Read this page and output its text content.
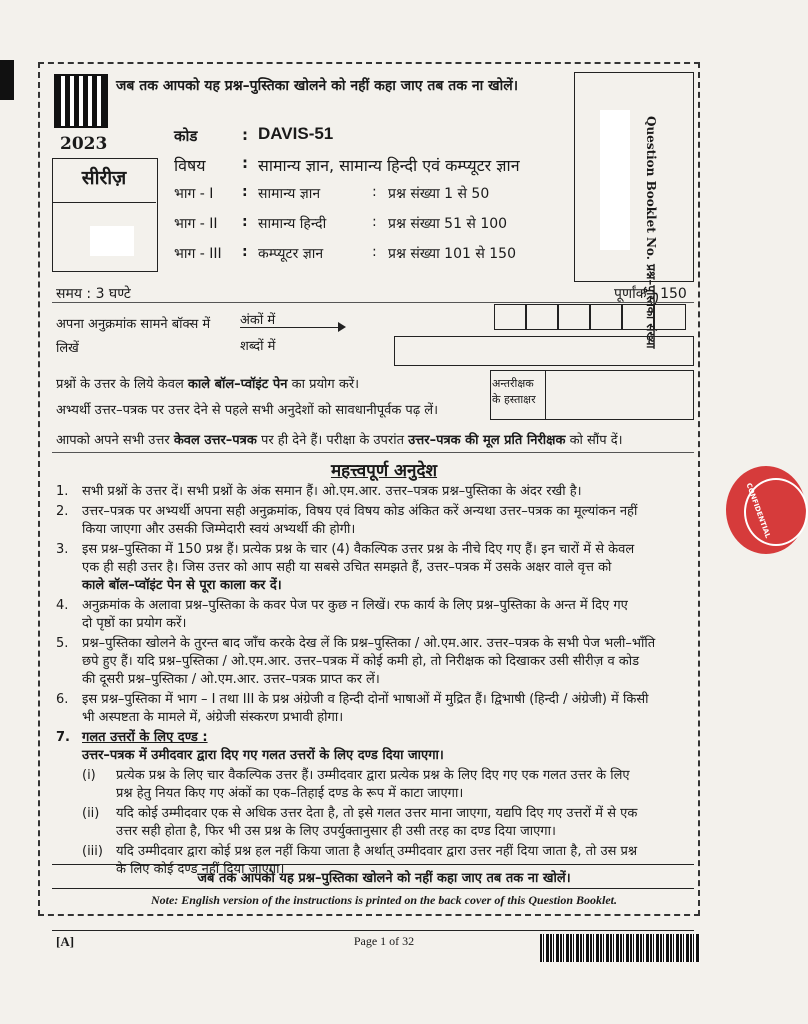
जब तक आपको यह प्रश्न–पुस्तिका खोलने को नहीं कहा जाए तब तक ना खोलें।
2023
सीरीज़
कोड	: DAVIS-51
विषय : सामान्य ज्ञान, सामान्य हिन्दी एवं कम्प्यूटर ज्ञान
भाग - I : सामान्य ज्ञान	: प्रश्न संख्या 1 से 50
भाग - II : सामान्य हिन्दी	: प्रश्न संख्या 51 से 100
भाग - III : कम्प्यूटर ज्ञान	: प्रश्न संख्या 101 से 150	Question Booklet No. प्रश्न–पुस्तिका संख्या
समय : 3 घण्टे	पूर्णांक : 150
अपना अनुक्रमांक सामने बॉक्स में
लिखें
अंकों में
शब्दों में
प्रश्नों के उत्तर के लिये केवल काले बॉल–प्वॉइंट पेन का प्रयोग करें।
अभ्यर्थी उत्तर–पत्रक पर उत्तर देने से पहले सभी अनुदेशों को सावधानीपूर्वक पढ़ लें।
अन्तरीक्षक के हस्ताक्षर
आपको अपने सभी उत्तर केवल उत्तर–पत्रक पर ही देने हैं। परीक्षा के उपरांत उत्तर–पत्रक की मूल प्रति निरीक्षक को सौंप दें।
महत्त्वपूर्ण अनुदेश
1. सभी प्रश्नों के उत्तर दें। सभी प्रश्नों के अंक समान हैं। ओ.एम.आर. उत्तर–पत्रक प्रश्न–पुस्तिका के अंदर रखी है।
2. उत्तर–पत्रक पर अभ्यर्थी अपना सही अनुक्रमांक, विषय एवं विषय कोड अंकित करें अन्यथा उत्तर–पत्रक का मूल्यांकन नहीं
किया जाएगा और उसकी जिम्मेदारी स्वयं अभ्यर्थी की होगी।
3. इस प्रश्न–पुस्तिका में 150 प्रश्न हैं। प्रत्येक प्रश्न के चार (4) वैकल्पिक उत्तर प्रश्न के नीचे दिए गए हैं। इन चारों में से केवल
एक ही सही उत्तर है। जिस उत्तर को आप सही या सबसे उचित समझते हैं, उत्तर–पत्रक में उसके अक्षर वाले वृत्त को
काले बॉल–प्वॉइंट पेन से पूरा काला कर दें।
4. अनुक्रमांक के अलावा प्रश्न–पुस्तिका के कवर पेज पर कुछ न लिखें। रफ कार्य के लिए प्रश्न–पुस्तिका के अन्त में दिए गए
दो पृष्ठों का प्रयोग करें।
5. प्रश्न–पुस्तिका खोलने के तुरन्त बाद जाँच करके देख लें कि प्रश्न–पुस्तिका / ओ.एम.आर. उत्तर–पत्रक के सभी पेज भली–भाँति
छपे हुए हैं। यदि प्रश्न–पुस्तिका / ओ.एम.आर. उत्तर–पत्रक में कोई कमी हो, तो निरीक्षक को दिखाकर उसी सीरीज़ व कोड
की दूसरी प्रश्न–पुस्तिका / ओ.एम.आर. उत्तर–पत्रक प्राप्त कर लें।
6. इस प्रश्न–पुस्तिका में भाग – I तथा III के प्रश्न अंग्रेजी व हिन्दी दोनों भाषाओं में मुद्रित हैं। द्विभाषी (हिन्दी / अंग्रेजी) में किसी
भी अस्पष्टता के मामले में, अंग्रेजी संस्करण प्रभावी होगा।
7. गलत उत्तरों के लिए दण्ड :
उत्तर–पत्रक में उमीदवार द्वारा दिए गए गलत उत्तरों के लिए दण्ड दिया जाएगा।
(i) प्रत्येक प्रश्न के लिए चार वैकल्पिक उत्तर हैं। उम्मीदवार द्वारा प्रत्येक प्रश्न के लिए दिए गए एक गलत उत्तर के लिए
प्रश्न हेतु नियत किए गए अंकों का एक–तिहाई दण्ड के रूप में काटा जाएगा।
(ii) यदि कोई उम्मीदवार एक से अधिक उत्तर देता है, तो इसे गलत उत्तर माना जाएगा, यद्यपि दिए गए उत्तरों में से एक
उत्तर सही होता है, फिर भी उस प्रश्न के लिए उपर्युक्तानुसार ही उसी तरह का दण्ड दिया जाएगा।
(iii) यदि उम्मीदवार द्वारा कोई प्रश्न हल नहीं किया जाता है अर्थात् उम्मीदवार द्वारा उत्तर नहीं दिया जाता है, तो उस प्रश्न
के लिए कोई दण्ड नहीं दिया जाएगा।
जब तक आपको यह प्रश्न–पुस्तिका खोलने को नहीं कहा जाए तब तक ना खोलें।
Note: English version of the instructions is printed on the back cover of this Question Booklet.
[A]	Page 1 of 32
CONFIDENTIAL
